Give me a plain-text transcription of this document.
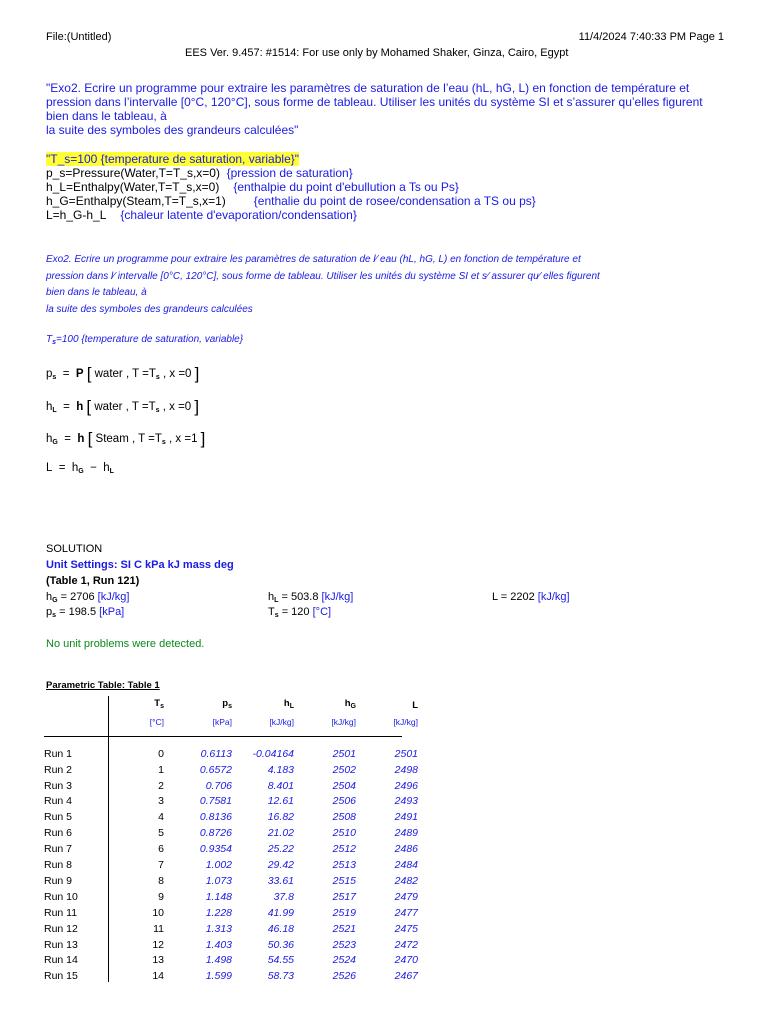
File:(Untitled)	11/4/2024 7:40:33 PM Page 1
EES Ver. 9.457: #1514: For use only by Mohamed Shaker, Ginza, Cairo, Egypt
"Exo2. Ecrire un programme pour extraire les paramètres de saturation de l’eau (hL, hG, L) en fonction de température et
pression dans l’intervalle [0°C, 120°C], sous forme de tableau. Utiliser les unités du système SI et s’assurer qu’elles figurent
bien dans le tableau, à
la suite des symboles des grandeurs calculées"
"T_s=100 {temperature de saturation, variable}"
p_s=Pressure(Water,T=T_s,x=0) {pression de saturation}
h_L=Enthalpy(Water,T=T_s,x=0) {enthalpie du point d'ebullution a Ts ou Ps}
h_G=Enthalpy(Steam,T=T_s,x=1) {enthalie du point de rosee/condensation a TS ou ps}
L=h_G-h_L {chaleur latente d'evaporation/condensation}
Exo2. Ecrire un programme pour extraire les paramètres de saturation de l⁄ eau (hL, hG, L) en fonction de température et
pression dans l⁄ intervalle [0°C, 120°C], sous forme de tableau. Utiliser les unités du système SI et s⁄ assurer qu⁄ elles figurent
bien dans le tableau, à
la suite des symboles des grandeurs calculées
$T_s=100$ {temperature de saturation, variable}
$p_s = P$ [ water , $T =T_s$ , x =0 ]
$h_L = h$ [ water , $T =T_s$ , x =0 ]
$h_G = h$ [ Steam , $T =T_s$ , x =1 ]
$L = h_G - h_L$
SOLUTION
Unit Settings: SI C kPa kJ mass deg
(Table 1, Run 121)
$h_G = 2706$ [kJ/kg]	$h_L = 503.8$ [kJ/kg]	L = 2202 [kJ/kg]
$p_s = 198.5$ [kPa]	$T_s = 120$ [°C]
No unit problems were detected.
Parametric Table: Table 1
	$T_s$	$p_s$	$h_L$	$h_G$	L
	[°C]	[kPa]	[kJ/kg]	[kJ/kg]	[kJ/kg]

Run 1	0	0.6113	-0.04164	2501	2501
Run 2	1	0.6572	4.183	2502	2498
Run 3	2	0.706	8.401	2504	2496
Run 4	3	0.7581	12.61	2506	2493
Run 5	4	0.8136	16.82	2508	2491
Run 6	5	0.8726	21.02	2510	2489
Run 7	6	0.9354	25.22	2512	2486
Run 8	7	1.002	29.42	2513	2484
Run 9	8	1.073	33.61	2515	2482
Run 10	9	1.148	37.8	2517	2479
Run 11	10	1.228	41.99	2519	2477
Run 12	11	1.313	46.18	2521	2475
Run 13	12	1.403	50.36	2523	2472
Run 14	13	1.498	54.55	2524	2470
Run 15	14	1.599	58.73	2526	2467
